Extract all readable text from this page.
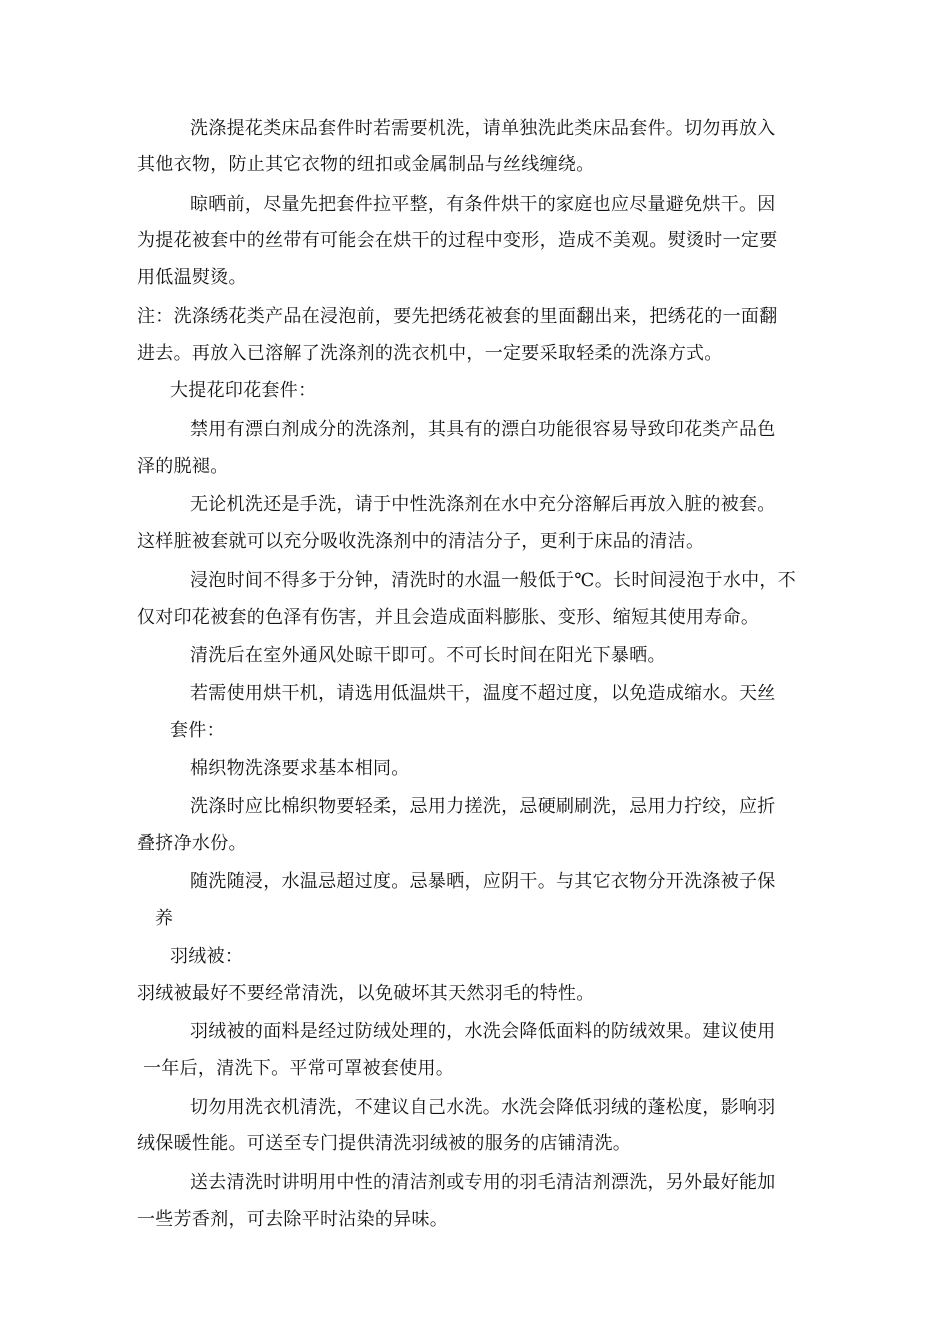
洗涤提花类床品套件时若需要机洗，请单独洗此类床品套件。切勿再放入
其他衣物，防止其它衣物的纽扣或金属制品与丝线缠绕。
晾晒前，尽量先把套件拉平整，有条件烘干的家庭也应尽量避免烘干。因
为提花被套中的丝带有可能会在烘干的过程中变形，造成不美观。熨烫时一定要
用低温熨烫。
注：洗涤绣花类产品在浸泡前，要先把绣花被套的里面翻出来，把绣花的一面翻
进去。再放入已溶解了洗涤剂的洗衣机中，一定要采取轻柔的洗涤方式。
大提花印花套件：
禁用有漂白剂成分的洗涤剂，其具有的漂白功能很容易导致印花类产品色
泽的脱褪。
无论机洗还是手洗，请于中性洗涤剂在水中充分溶解后再放入脏的被套。
这样脏被套就可以充分吸收洗涤剂中的清洁分子，更利于床品的清洁。
浸泡时间不得多于分钟，清洗时的水温一般低于℃。长时间浸泡于水中，不
仅对印花被套的色泽有伤害，并且会造成面料膨胀、变形、缩短其使用寿命。
清洗后在室外通风处晾干即可。不可长时间在阳光下暴晒。
若需使用烘干机，请选用低温烘干，温度不超过度，以免造成缩水。天丝
套件：
棉织物洗涤要求基本相同。
洗涤时应比棉织物要轻柔，忌用力搓洗，忌硬刷刷洗，忌用力拧绞，应折
叠挤净水份。
随洗随浸，水温忌超过度。忌暴晒，应阴干。与其它衣物分开洗涤被子保
养
羽绒被：
羽绒被最好不要经常清洗，以免破坏其天然羽毛的特性。
羽绒被的面料是经过防绒处理的，水洗会降低面料的防绒效果。建议使用
一年后，清洗下。平常可罩被套使用。
切勿用洗衣机清洗，不建议自己水洗。水洗会降低羽绒的蓬松度，影响羽
绒保暖性能。可送至专门提供清洗羽绒被的服务的店铺清洗。
送去清洗时讲明用中性的清洁剂或专用的羽毛清洁剂漂洗，另外最好能加
一些芳香剂，可去除平时沾染的异味。
